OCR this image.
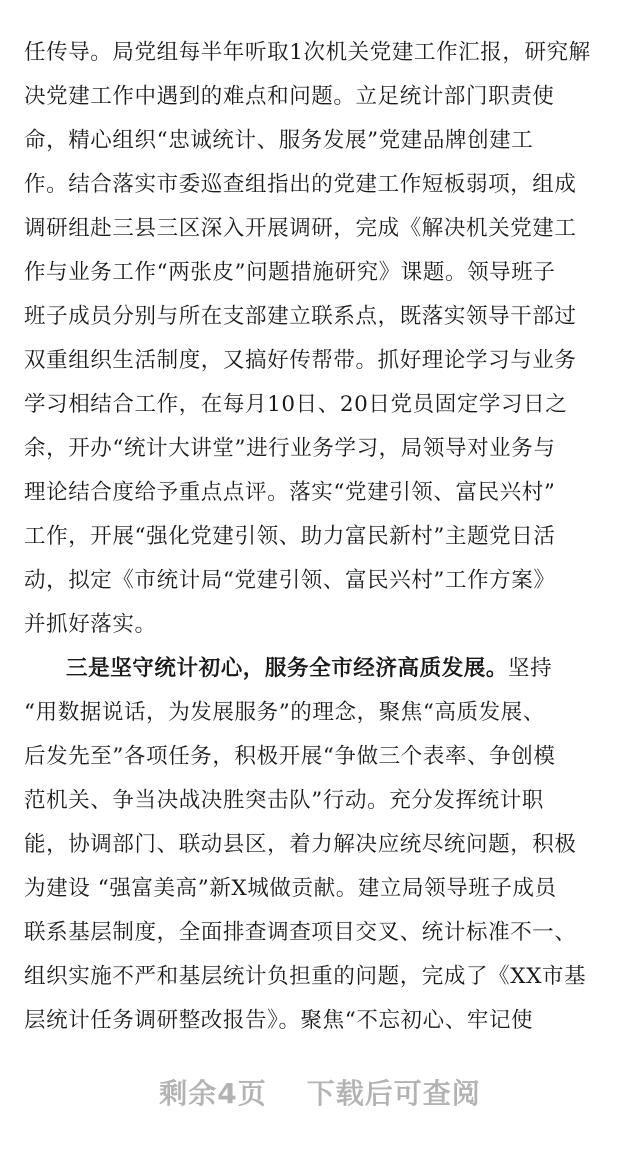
任传导。局党组每半年听取1次机关党建工作汇报，研究解
决党建工作中遇到的难点和问题。立足统计部门职责使
命，精心组织“忠诚统计、服务发展”党建品牌创建工
作。结合落实市委巡查组指出的党建工作短板弱项，组成
调研组赴三县三区深入开展调研，完成《解决机关党建工
作与业务工作“两张皮”问题措施研究》课题。领导班子
班子成员分别与所在支部建立联系点，既落实领导干部过
双重组织生活制度，又搞好传帮带。抓好理论学习与业务
学习相结合工作，在每月10日、20日党员固定学习日之
余，开办“统计大讲堂”进行业务学习，局领导对业务与
理论结合度给予重点点评。落实“党建引领、富民兴村”
工作，开展“强化党建引领、助力富民新村”主题党日活
动，拟定《市统计局“党建引领、富民兴村”工作方案》
并抓好落实。
三是坚守统计初心，服务全市经济高质发展。坚持
“用数据说话，为发展服务”的理念，聚焦“高质发展、
后发先至”各项任务，积极开展“争做三个表率、争创模
范机关、争当决战决胜突击队”行动。充分发挥统计职
能，协调部门、联动县区，着力解决应统尽统问题，积极
为建设 “强富美高”新X城做贡献。建立局领导班子成员
联系基层制度，全面排查调查项目交叉、统计标准不一、
组织实施不严和基层统计负担重的问题，完成了《XX市基
层统计任务调研整改报告》。聚焦“不忘初心、牢记使
剩余4页 下载后可查阅
